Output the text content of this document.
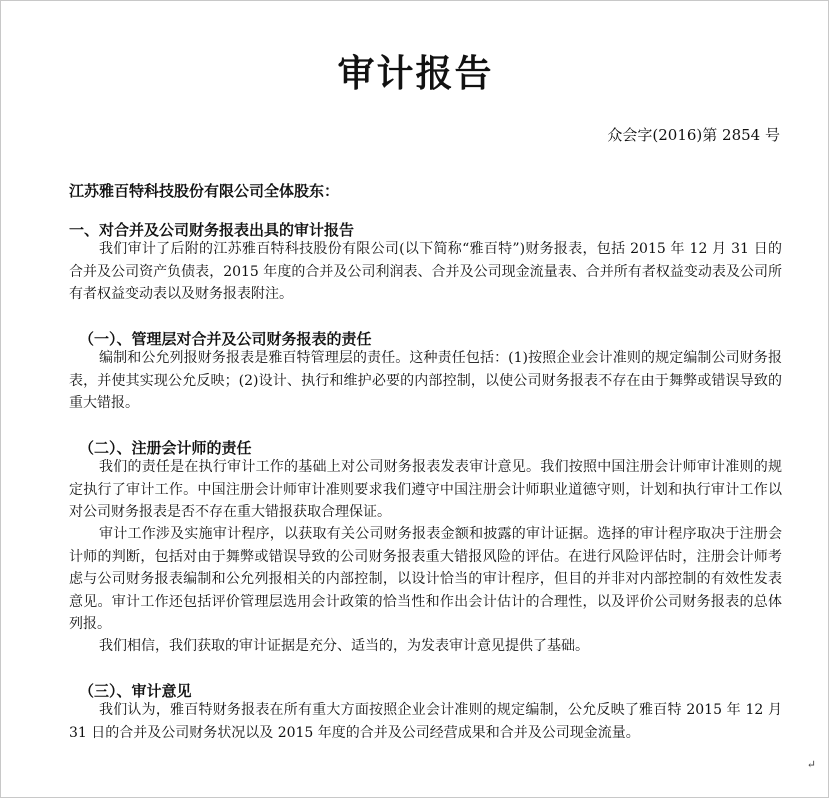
审计报告

众会字(2016)第 2854 号

江苏雅百特科技股份有限公司全体股东：

一、对合并及公司财务报表出具的审计报告

我们审计了后附的江苏雅百特科技股份有限公司(以下简称“雅百特”)财务报表，包括 2015 年 12 月 31 日的合并及公司资产负债表，2015 年度的合并及公司利润表、合并及公司现金流量表、合并所有者权益变动表及公司所有者权益变动表以及财务报表附注。

（一）、管理层对合并及公司财务报表的责任

编制和公允列报财务报表是雅百特管理层的责任。这种责任包括：(1)按照企业会计准则的规定编制公司财务报表，并使其实现公允反映；(2)设计、执行和维护必要的内部控制，以使公司财务报表不存在由于舞弊或错误导致的重大错报。

（二）、注册会计师的责任

我们的责任是在执行审计工作的基础上对公司财务报表发表审计意见。我们按照中国注册会计师审计准则的规定执行了审计工作。中国注册会计师审计准则要求我们遵守中国注册会计师职业道德守则，计划和执行审计工作以对公司财务报表是否不存在重大错报获取合理保证。

审计工作涉及实施审计程序，以获取有关公司财务报表金额和披露的审计证据。选择的审计程序取决于注册会计师的判断，包括对由于舞弊或错误导致的公司财务报表重大错报风险的评估。在进行风险评估时，注册会计师考虑与公司财务报表编制和公允列报相关的内部控制，以设计恰当的审计程序，但目的并非对内部控制的有效性发表意见。审计工作还包括评价管理层选用会计政策的恰当性和作出会计估计的合理性，以及评价公司财务报表的总体列报。

我们相信，我们获取的审计证据是充分、适当的，为发表审计意见提供了基础。

（三）、审计意见

我们认为，雅百特财务报表在所有重大方面按照企业会计准则的规定编制，公允反映了雅百特 2015 年 12 月 31 日的合并及公司财务状况以及 2015 年度的合并及公司经营成果和合并及公司现金流量。

↵
